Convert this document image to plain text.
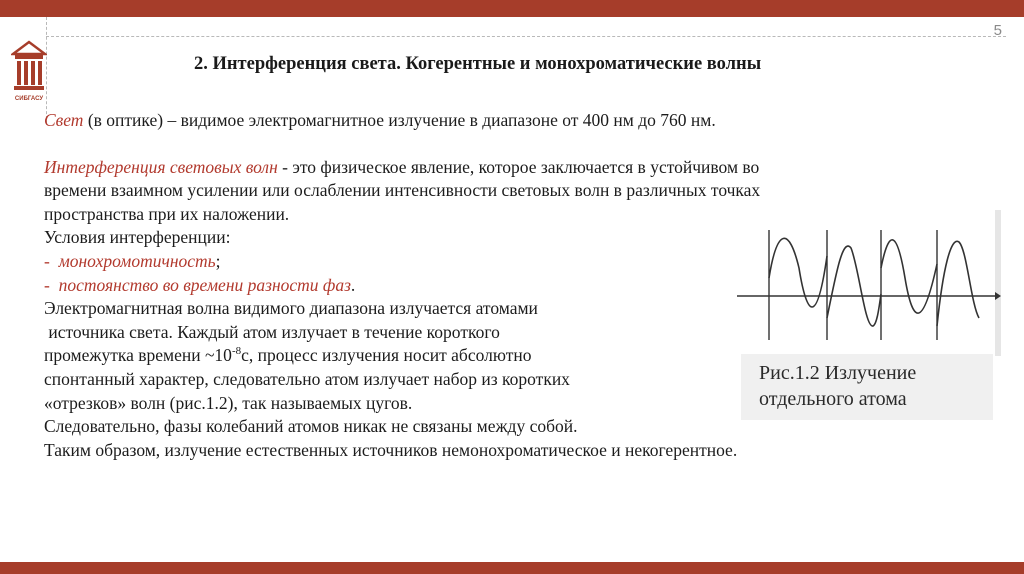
СИБГАСУ
5
2. Интерференция света. Когерентные и монохроматические волны

Свет (в оптике) – видимое электромагнитное излучение в диапазоне от 400 нм до 760 нм.

Интерференция световых волн - это физическое явление, которое заключается в устойчивом во

времени взаимном усилении или ослаблении интенсивности световых волн в различных точках

пространства при их наложении.

Условия интерференции:

- монохромотичность;

- постоянство во времени разности фаз.

Электромагнитная волна видимого диапазона излучается атомами

источника света. Каждый атом излучает в течение короткого

промежутка времени $\sim 10^{-8}с$, процесс излучения носит абсолютно

спонтанный характер, следовательно атом излучает набор из коротких

«отрезков» волн (рис.1.2), так называемых цугов.

Следовательно, фазы колебаний атомов никак не связаны между собой.

Таким образом, излучение естественных источников немонохроматическое и некогерентное.

Рис.1.2 Излучение
отдельного атома
